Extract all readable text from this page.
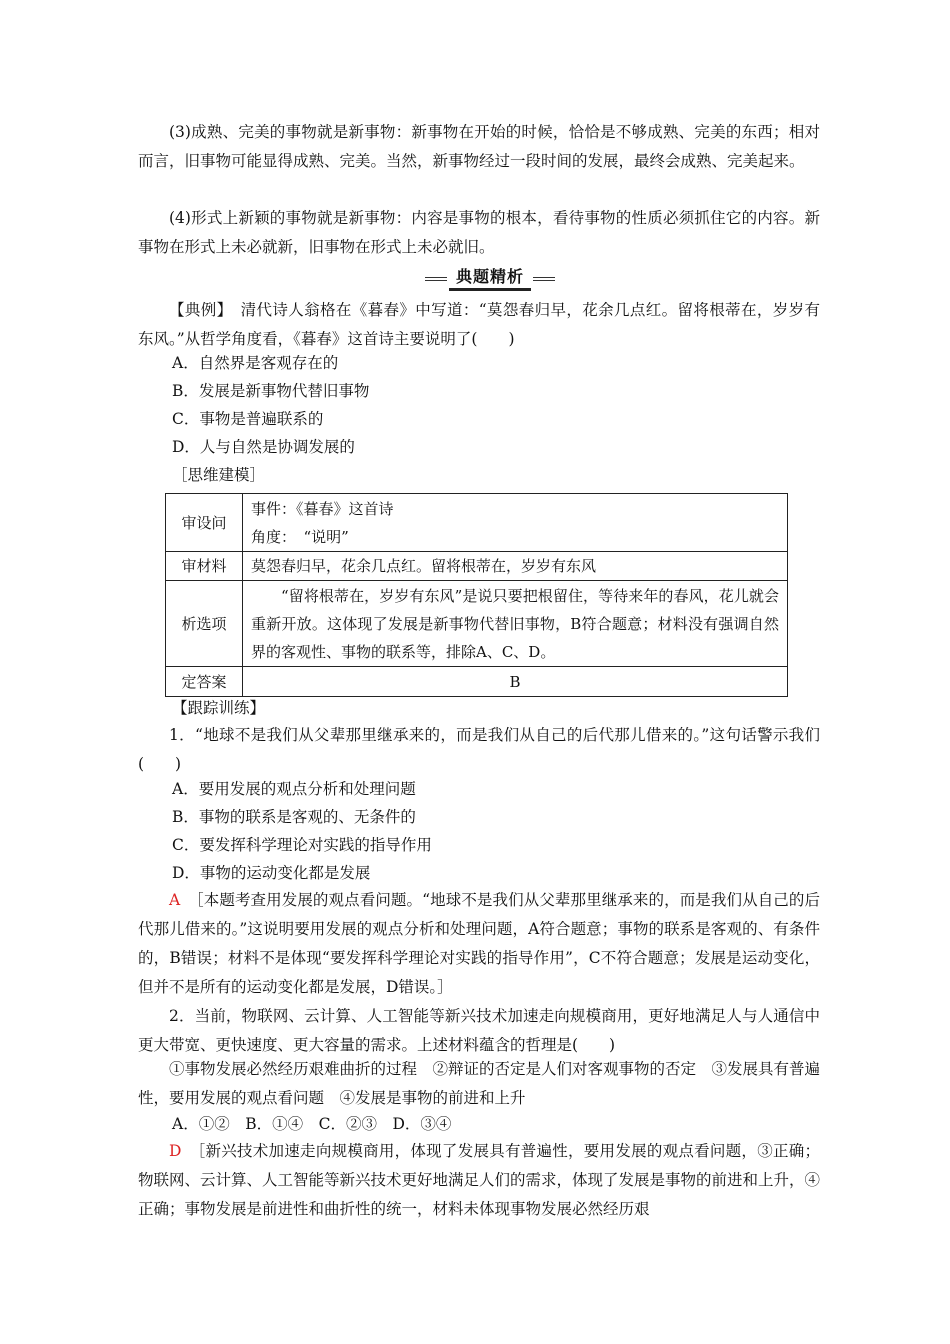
(3)成熟、完美的事物就是新事物：新事物在开始的时候，恰恰是不够成熟、完美的东西；相对而言，旧事物可能显得成熟、完美。当然，新事物经过一段时间的发展，最终会成熟、完美起来。

(4)形式上新颖的事物就是新事物：内容是事物的根本，看待事物的性质必须抓住它的内容。新事物在形式上未必就新，旧事物在形式上未必就旧。

典题精析

【典例】　清代诗人翁格在《暮春》中写道：“莫怨春归早，花余几点红。留将根蒂在，岁岁有东风。”从哲学角度看，《暮春》这首诗主要说明了(　　)

A．自然界是客观存在的

B．发展是新事物代替旧事物

C．事物是普遍联系的

D．人与自然是协调发展的

［思维建模］

审设问	事件：《暮春》这首诗
角度：　“说明”

审材料	莫怨春归早，花余几点红。留将根蒂在，岁岁有东风
析选项	“留将根蒂在，岁岁有东风”是说只要把根留住，等待来年的春风，花儿就会重新开放。这体现了发展是新事物代替旧事物，B符合题意；材料没有强调自然界的客观性、事物的联系等，排除A、C、D。

定答案	B

【跟踪训练】

1．“地球不是我们从父辈那里继承来的，而是我们从自己的后代那儿借来的。”这句话警示我们(　　)

A．要用发展的观点分析和处理问题

B．事物的联系是客观的、无条件的

C．要发挥科学理论对实践的指导作用

D．事物的运动变化都是发展

A　 ［本题考查用发展的观点看问题。“地球不是我们从父辈那里继承来的，而是我们从自己的后代那儿借来的。”这说明要用发展的观点分析和处理问题，A符合题意；事物的联系是客观的、有条件的，B错误；材料不是体现“要发挥科学理论对实践的指导作用”，C不符合题意；发展是运动变化，但并不是所有的运动变化都是发展，D错误。］

2．当前，物联网、云计算、人工智能等新兴技术加速走向规模商用，更好地满足人与人通信中更大带宽、更快速度、更大容量的需求。上述材料蕴含的哲理是(　　)

①事物发展必然经历艰难曲折的过程　②辩证的否定是人们对客观事物的否定　③发展具有普遍性，要用发展的观点看问题　④发展是事物的前进和上升

A．①②　B．①④　C．②③　D．③④

D　 ［新兴技术加速走向规模商用，体现了发展具有普遍性，要用发展的观点看问题，③正确；物联网、云计算、人工智能等新兴技术更好地满足人们的需求，体现了发展是事物的前进和上升，④正确；事物发展是前进性和曲折性的统一，材料未体现事物发展必然经历艰
